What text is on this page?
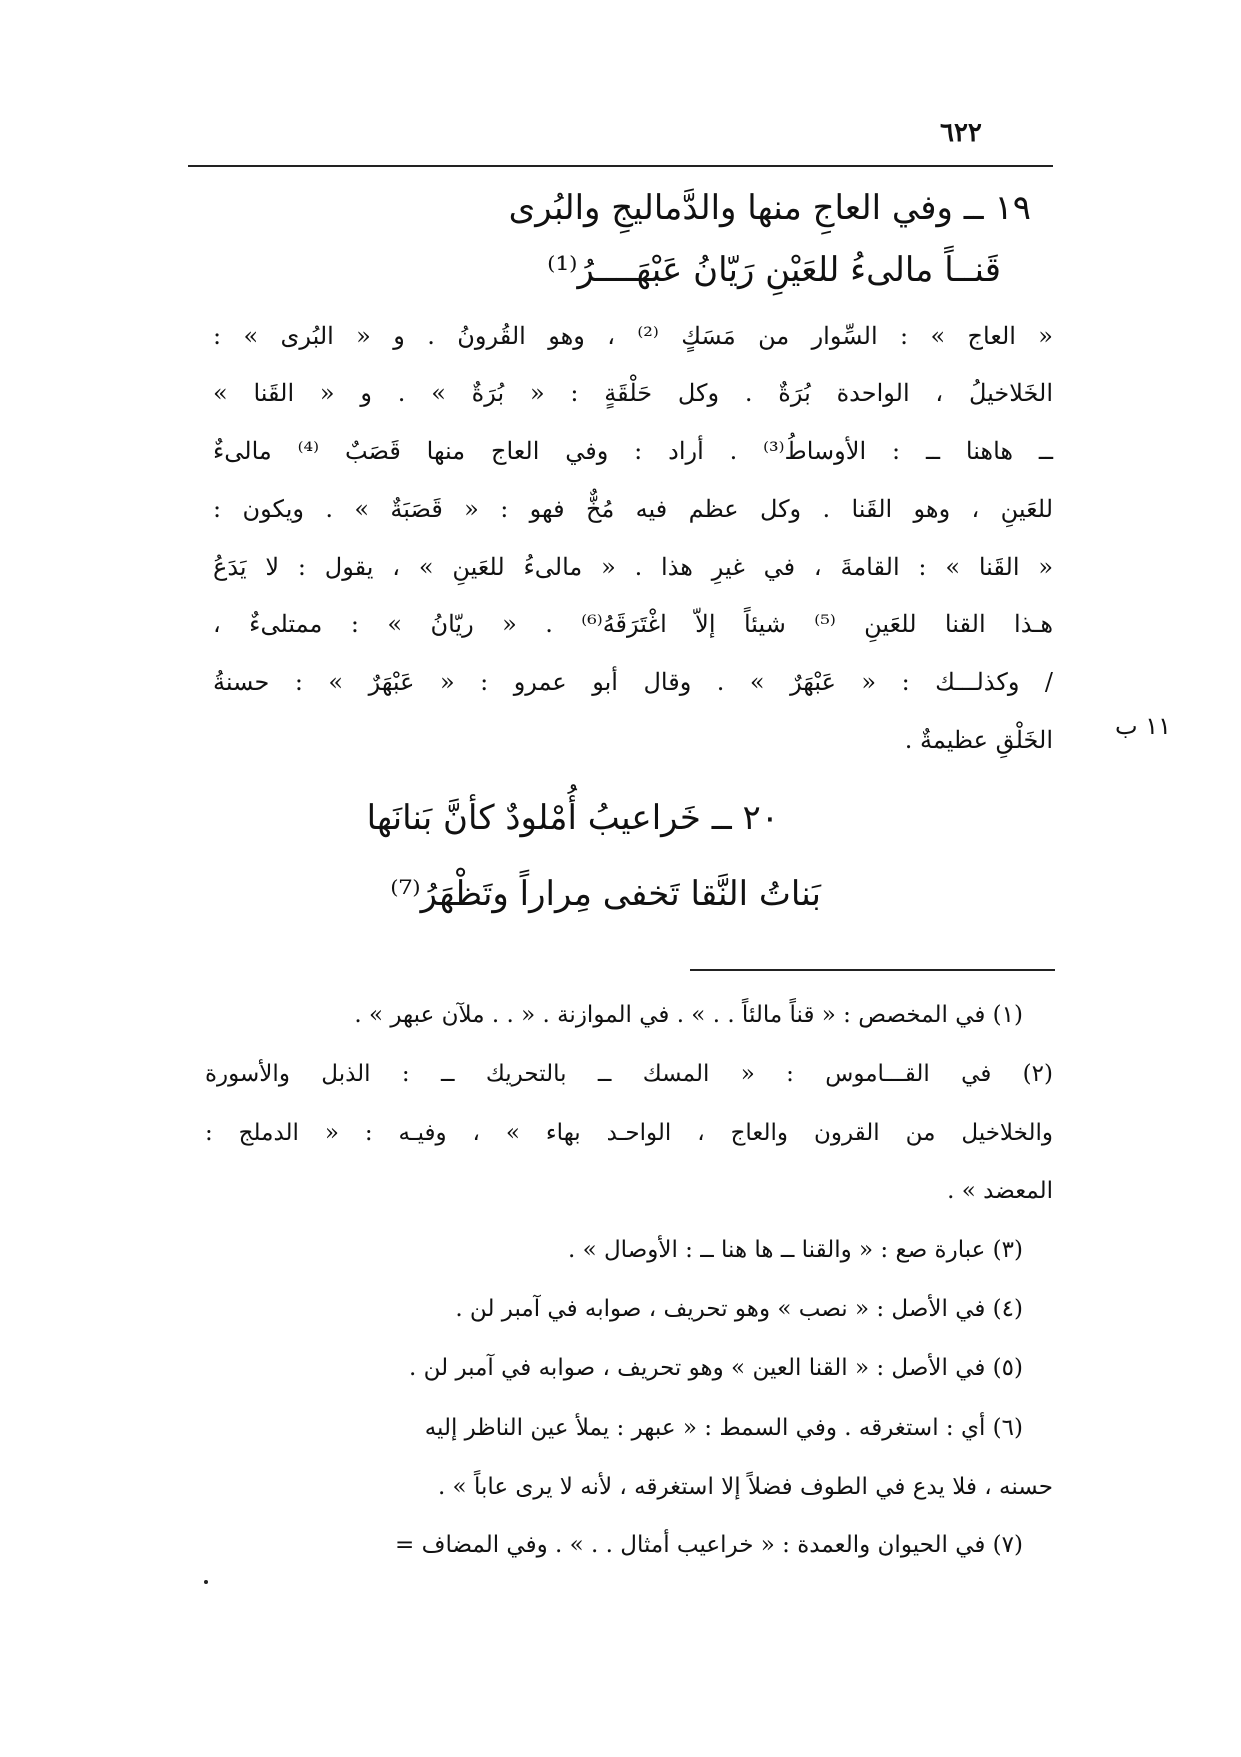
٦٢٢
١٩ ــ وفي العاجِ منها والدَّماليجِ والبُرى
قَنــاً مالىءُ للعَيْنِ رَيّانُ عَبْهَــــرُ⁽¹⁾
« العاج » : السِّوار من مَسَكٍ ⁽²⁾ ، وهو القُرونُ . و « البُرى » :
الخَلاخيلُ ، الواحدة بُرَةٌ . وكل حَلْقَةٍ : « بُرَةٌ » . و « القَنا »
ــ هاهنا ــ : الأوساطُ⁽³⁾ . أراد : وفي العاج منها قَصَبٌ ⁽⁴⁾ مالىءٌ
للعَينِ ، وهو القَنا . وكل عظم فيه مُخٌّ فهو : « قَصَبَةٌ » . ويكون :
« القَنا » : القامةَ ، في غيرِ هذا . « مالىءُ للعَينِ » ، يقول : لا يَدَعُ
هـذا القنا للعَينِ ⁽⁵⁾ شيئاً إلاّ اغْتَرَقَهُ⁽⁶⁾ . « ريّانُ » : ممتلىءٌ ،
/ وكذلـــك : « عَبْهَرٌ » . وقال أبو عمرو : « عَبْهَرٌ » : حسنةُ
الخَلْقِ عظيمةٌ .	١١ ب
٢٠ ــ خَراعيبُ أُمْلودٌ كأنَّ بَنانَها
بَناتُ النَّقا تَخفى مِراراً وتَظْهَرُ⁽⁷⁾
(١) في المخصص : « قناً مالئاً . . » . في الموازنة . « . . ملآن عبهر » .
(٢) في القـــاموس : « المسك ــ بالتحريك ــ : الذبل والأسورة
والخلاخيل من القرون والعاج ، الواحـد بهاء » ، وفيـه : « الدملج :
المعضد » .
(٣) عبارة صع : « والقنا ــ ها هنا ــ : الأوصال » .
(٤) في الأصل : « نصب » وهو تحريف ، صوابه في آمبر لن .
(٥) في الأصل : « القنا العين » وهو تحريف ، صوابه في آمبر لن .
(٦) أي : استغرقه . وفي السمط : « عبهر : يملأ عين الناظر إليه
حسنه ، فلا يدع في الطوف فضلاً إلا استغرقه ، لأنه لا يرى عاباً » .
(٧) في الحيوان والعمدة : « خراعيب أمثال . . » . وفي المضاف =
